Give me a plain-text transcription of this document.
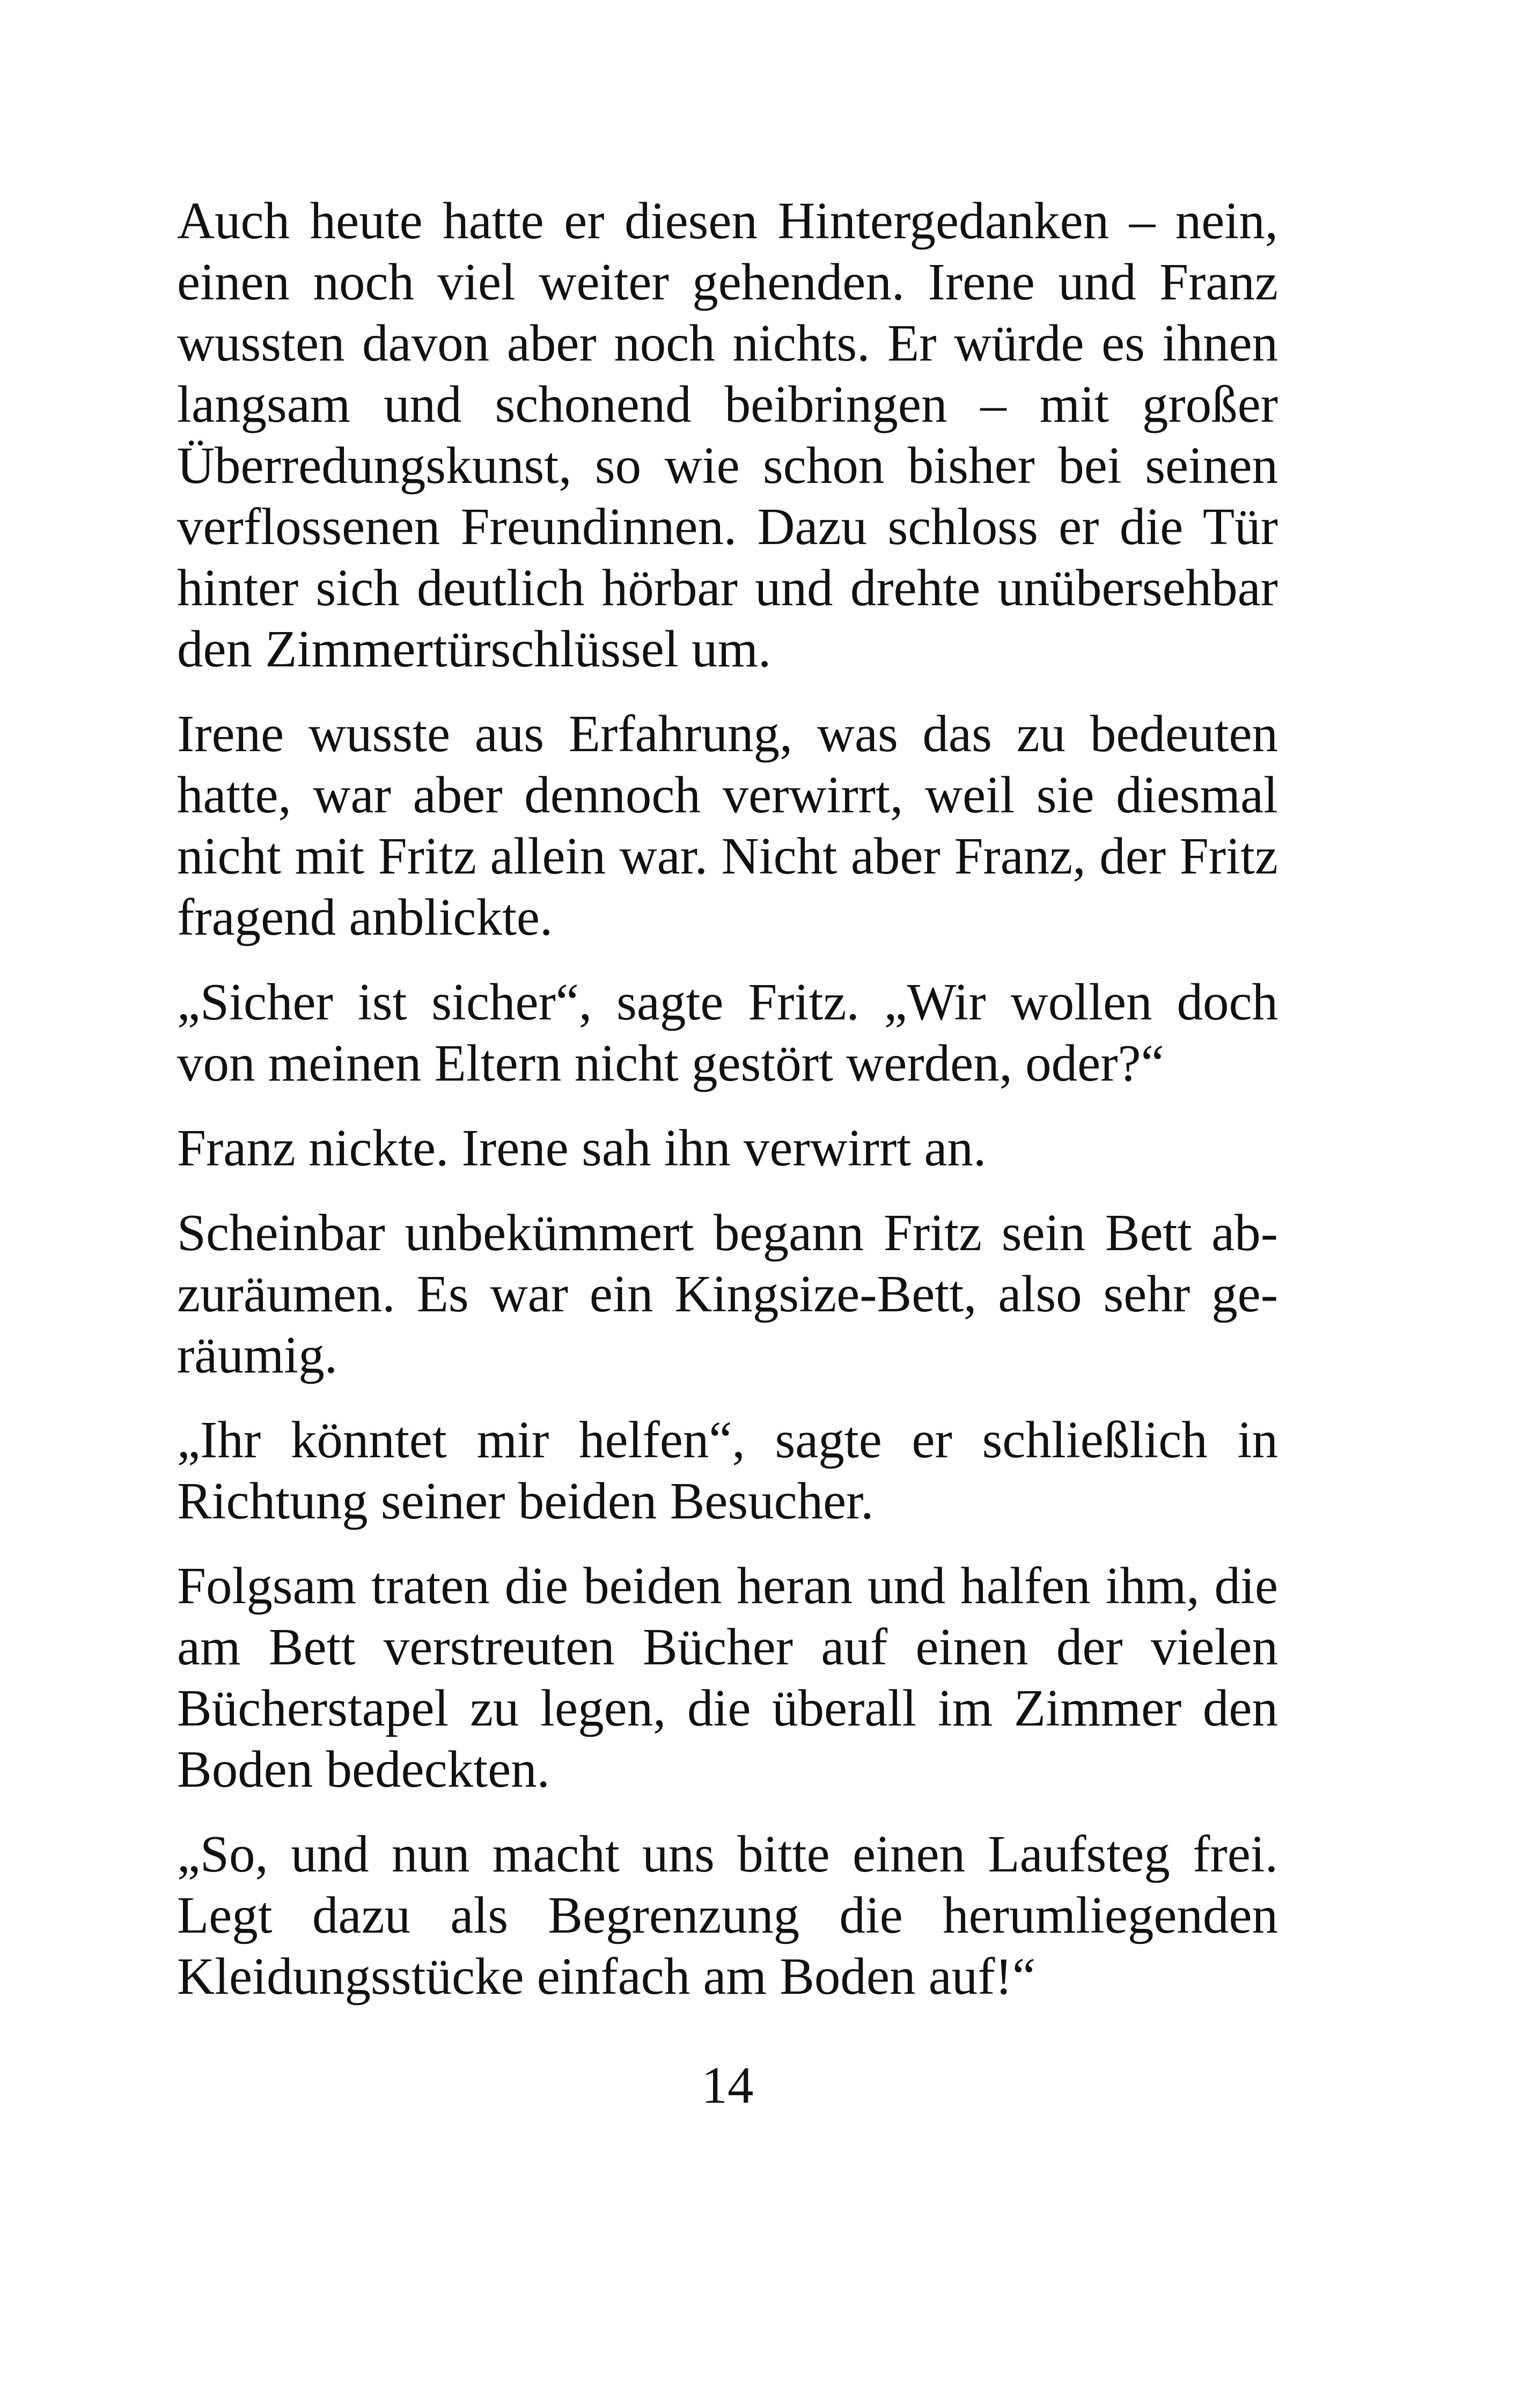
Auch heute hatte er diesen Hintergedanken – nein, einen noch viel weiter gehenden. Irene und Franz wussten davon aber noch nichts. Er würde es ihnen langsam und schonend beibringen – mit großer Überredungskunst, so wie schon bisher bei seinen verflossenen Freundinnen. Dazu schloss er die Tür hinter sich deutlich hörbar und drehte unübersehbar den Zimmertürschlüssel um.

Irene wusste aus Erfahrung, was das zu bedeuten hatte, war aber dennoch verwirrt, weil sie diesmal nicht mit Fritz allein war. Nicht aber Franz, der Fritz fragend anblickte.

„Sicher ist sicher“, sagte Fritz. „Wir wollen doch von meinen Eltern nicht gestört werden, oder?“

Franz nickte. Irene sah ihn verwirrt an.

Scheinbar unbekümmert begann Fritz sein Bett abzuräumen. Es war ein Kingsize-Bett, also sehr geräumig.

„Ihr könntet mir helfen“, sagte er schließlich in Richtung seiner beiden Besucher.

Folgsam traten die beiden heran und halfen ihm, die am Bett verstreuten Bücher auf einen der vielen Bücherstapel zu legen, die überall im Zimmer den Boden bedeckten.

„So, und nun macht uns bitte einen Laufsteg frei. Legt dazu als Begrenzung die herumliegenden Kleidungsstücke einfach am Boden auf!“

14
